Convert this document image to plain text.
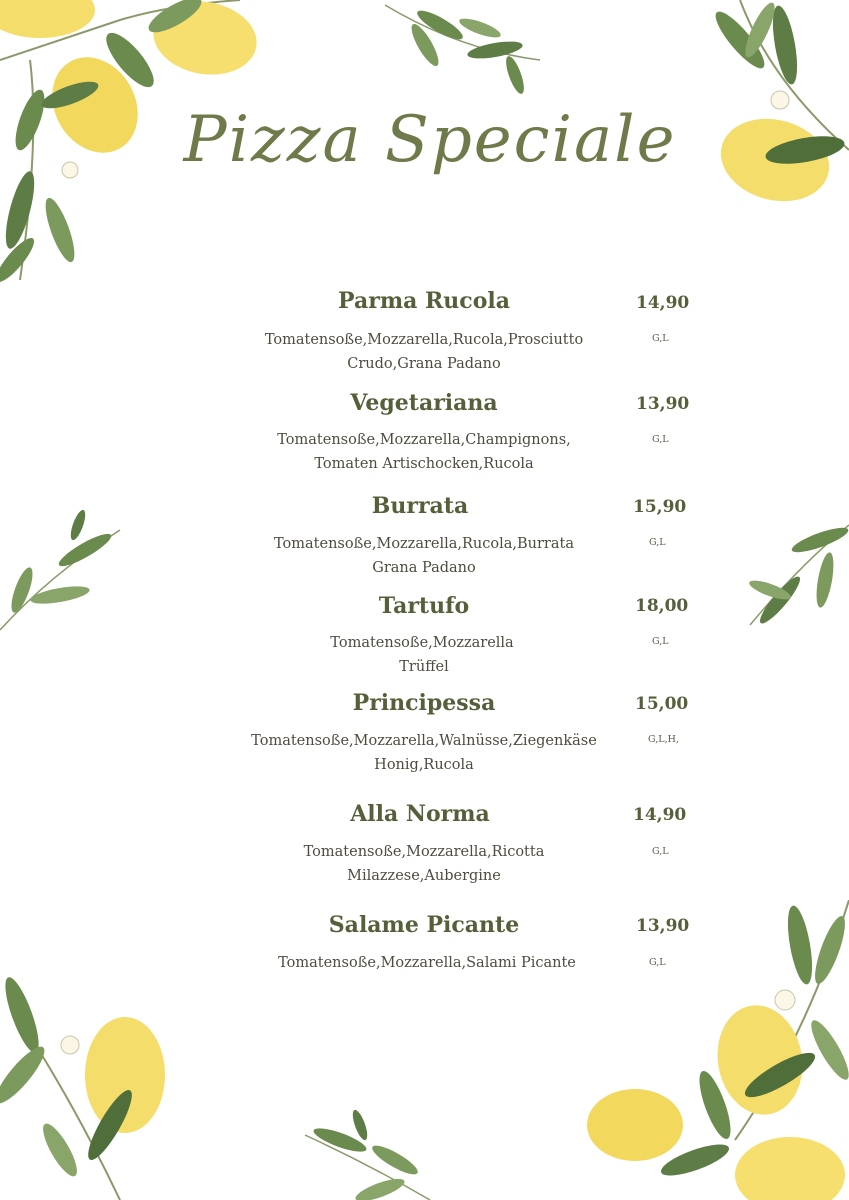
Pizza Speciale
Parma Rucola	14,90
Tomatensoße,Mozzarella,Rucola,Prosciutto
Crudo,Grana Padano
G,L
Vegetariana	13,90
Tomatensoße,Mozzarella,Champignons,
Tomaten Artischocken,Rucola
G,L
Burrata	15,90
Tomatensoße,Mozzarella,Rucola,Burrata
Grana Padano
G,L
Tartufo	18,00
Tomatensoße,Mozzarella
Trüffel
G,L
Principessa	15,00
Tomatensoße,Mozzarella,Walnüsse,Ziegenkäse
Honig,Rucola
G,L,H,
Alla Norma	14,90
Tomatensoße,Mozzarella,Ricotta
Milazzese,Aubergine
G,L
Salame Picante	13,90
Tomatensoße,Mozzarella,Salami Picante	G,L
